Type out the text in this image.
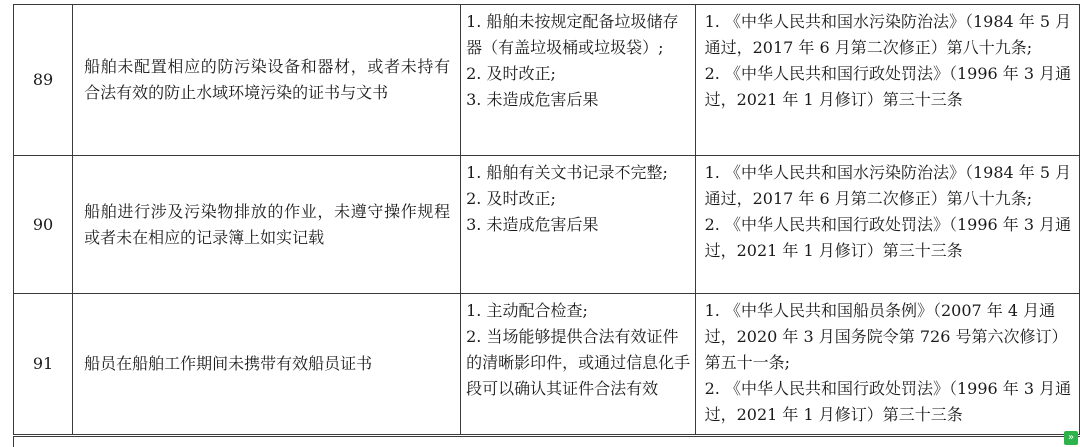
89	船舶未配置相应的防污染设备和器材，或者未持有合法有效的防止水域环境污染的证书与文书	1. 船舶未按规定配备垃圾储存器（有盖垃圾桶或垃圾袋）;
2. 及时改正;
3. 未造成危害后果	1. 《中华人民共和国水污染防治法》（1984 年 5 月通过，2017 年 6 月第二次修正）第八十九条;
2. 《中华人民共和国行政处罚法》（1996 年 3 月通过，2021 年 1 月修订）第三十三条

90	船舶进行涉及污染物排放的作业，未遵守操作规程或者未在相应的记录簿上如实记载	1. 船舶有关文书记录不完整;
2. 及时改正;
3. 未造成危害后果	1. 《中华人民共和国水污染防治法》（1984 年 5 月通过，2017 年 6 月第二次修正）第八十九条;
2. 《中华人民共和国行政处罚法》（1996 年 3 月通过，2021 年 1 月修订）第三十三条

91	船员在船舶工作期间未携带有效船员证书	1. 主动配合检查;
2. 当场能够提供合法有效证件的清晰影印件，或通过信息化手段可以确认其证件合法有效	1. 《中华人民共和国船员条例》（2007 年 4 月通过，2020 年 3 月国务院令第 726 号第六次修订）第五十一条;
2. 《中华人民共和国行政处罚法》（1996 年 3 月通过，2021 年 1 月修订）第三十三条
»
